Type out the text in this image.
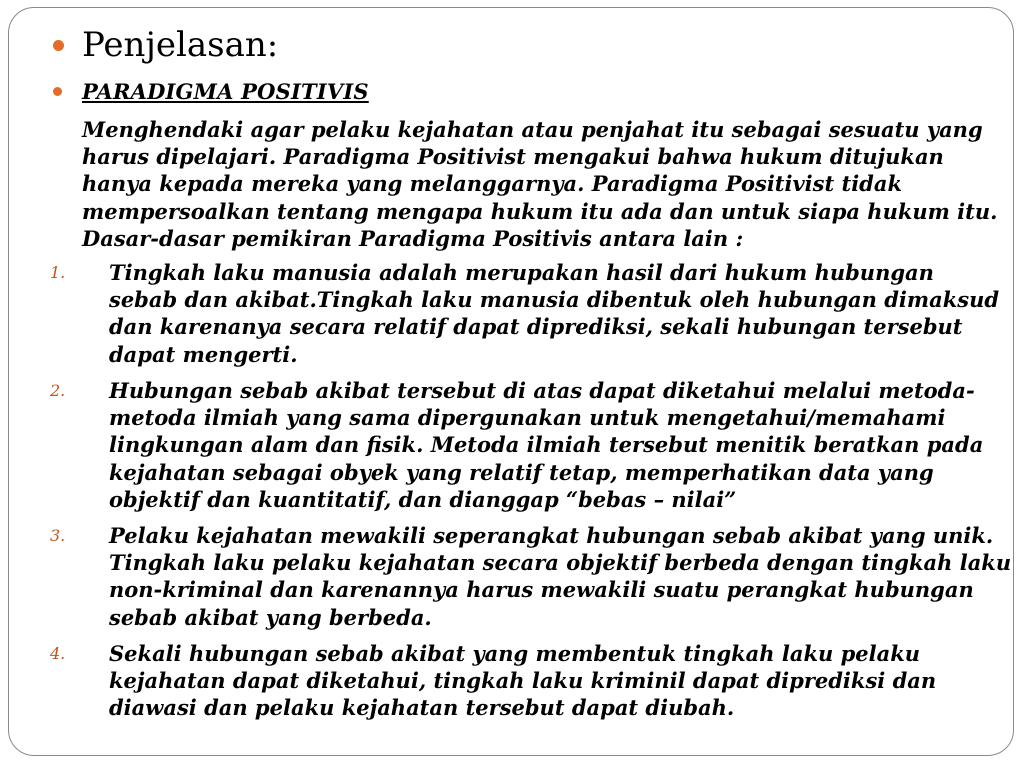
Penjelasan:
PARADIGMA POSITIVIS

Menghendaki agar pelaku kejahatan atau penjahat itu sebagai sesuatu yang

harus dipelajari. Paradigma Positivist mengakui bahwa hukum ditujukan

hanya kepada mereka yang melanggarnya. Paradigma Positivist tidak

mempersoalkan tentang mengapa hukum itu ada dan untuk siapa hukum itu.

Dasar-dasar pemikiran Paradigma Positivis antara lain :

1. Tingkah laku manusia adalah merupakan hasil dari hukum hubungan

sebab dan akibat.Tingkah laku manusia dibentuk oleh hubungan dimaksud

dan karenanya secara relatif dapat diprediksi, sekali hubungan tersebut

dapat mengerti.

2. Hubungan sebab akibat tersebut di atas dapat diketahui melalui metoda-

metoda ilmiah yang sama dipergunakan untuk mengetahui/memahami

lingkungan alam dan fisik. Metoda ilmiah tersebut menitik beratkan pada

kejahatan sebagai obyek yang relatif tetap, memperhatikan data yang

objektif dan kuantitatif, dan dianggap “bebas – nilai”

3. Pelaku kejahatan mewakili seperangkat hubungan sebab akibat yang unik.

Tingkah laku pelaku kejahatan secara objektif berbeda dengan tingkah laku

non-kriminal dan karenannya harus mewakili suatu perangkat hubungan

sebab akibat yang berbeda.

4. Sekali hubungan sebab akibat yang membentuk tingkah laku pelaku

kejahatan dapat diketahui, tingkah laku kriminil dapat diprediksi dan

diawasi dan pelaku kejahatan tersebut dapat diubah.
